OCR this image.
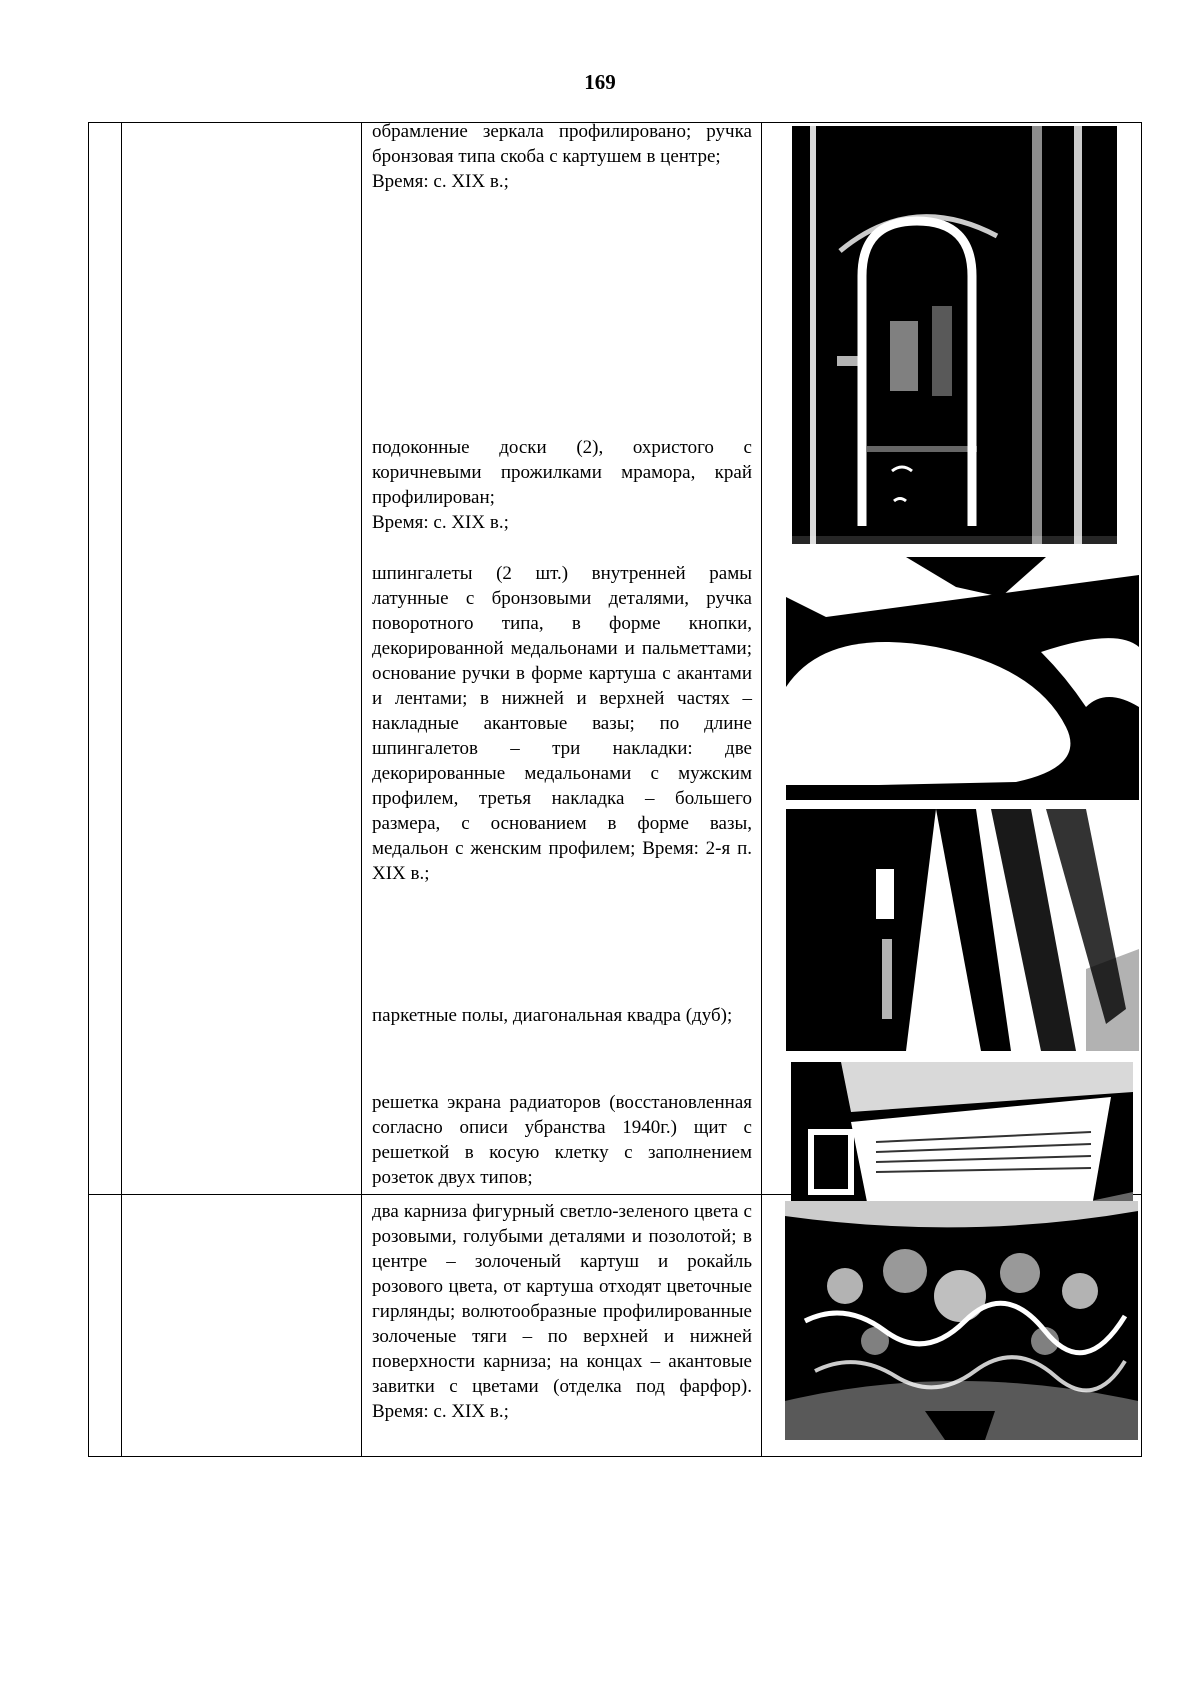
169

обрамление зеркала профилировано; ручка бронзовая типа скоба с картушем в центре;

Время: с. XIX в.;

подоконные доски (2), охристого с коричневыми прожилками мрамора, край профилирован;

Время: с. XIX в.;

шпингалеты (2 шт.) внутренней рамы латунные с бронзовыми деталями, ручка поворотного типа, в форме кнопки, декорированной медальонами и пальметтами; основание ручки в форме картуша с акантами и лентами; в нижней и верхней частях – накладные акантовые вазы; по длине шпингалетов – три накладки: две декорированные медальонами с мужским профилем, третья накладка – большего размера, с основанием в форме вазы, медальон с женским профилем; Время: 2-я п. XIX в.;

паркетные полы, диагональная квадра (дуб);

решетка экрана радиаторов (восстановленная согласно описи убранства 1940г.) щит с решеткой в косую клетку с заполнением розеток двух типов;

два карниза фигурный светло-зеленого цвета с розовыми, голубыми деталями и позолотой; в центре – золоченый картуш и рокайль розового цвета, от картуша отходят цветочные гирлянды; волютообразные профилированные золоченые тяги – по верхней и нижней поверхности карниза; на концах – акантовые завитки с цветами (отделка под фарфор). Время: с. XIX в.;
